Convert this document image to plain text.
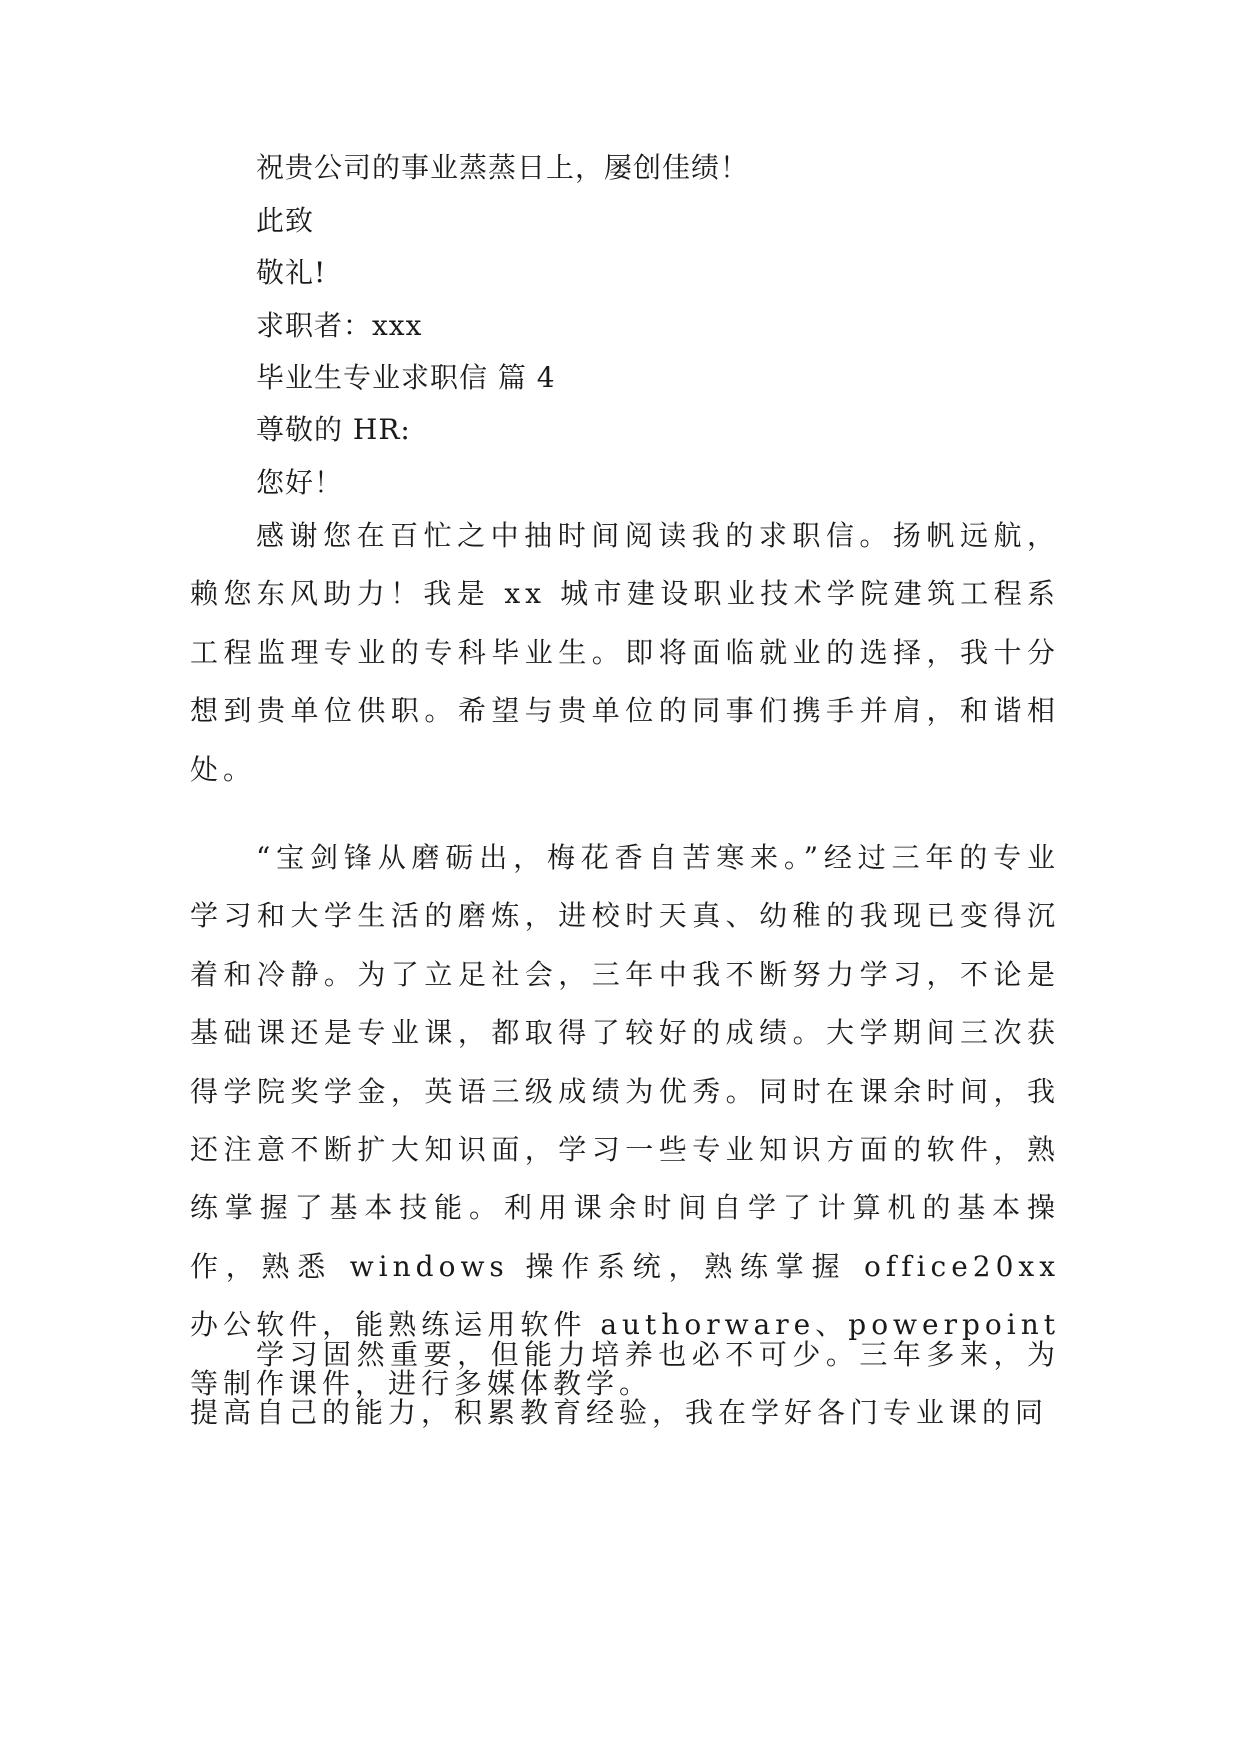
祝贵公司的事业蒸蒸日上，屡创佳绩！
此致
敬礼!
求职者：xxx
毕业生专业求职信 篇 4
尊敬的 HR:
您好！

感谢您在百忙之中抽时间阅读我的求职信。扬帆远航，赖您东风助力！我是 xx 城市建设职业技术学院建筑工程系工程监理专业的专科毕业生。即将面临就业的选择，我十分想到贵单位供职。希望与贵单位的同事们携手并肩，和谐相处。

“宝剑锋从磨砺出，梅花香自苦寒来。”经过三年的专业学习和大学生活的磨炼，进校时天真、幼稚的我现已变得沉着和冷静。为了立足社会，三年中我不断努力学习，不论是基础课还是专业课，都取得了较好的成绩。大学期间三次获得学院奖学金，英语三级成绩为优秀。同时在课余时间，我还注意不断扩大知识面，学习一些专业知识方面的软件，熟练掌握了基本技能。利用课余时间自学了计算机的基本操作，熟悉 windows 操作系统，熟练掌握 office20xx 办公软件，能熟练运用软件 authorware、powerpoint 等制作课件，进行多媒体教学。

学习固然重要，但能力培养也必不可少。三年多来，为提高自己的能力，积累教育经验，我在学好各门专业课的同
